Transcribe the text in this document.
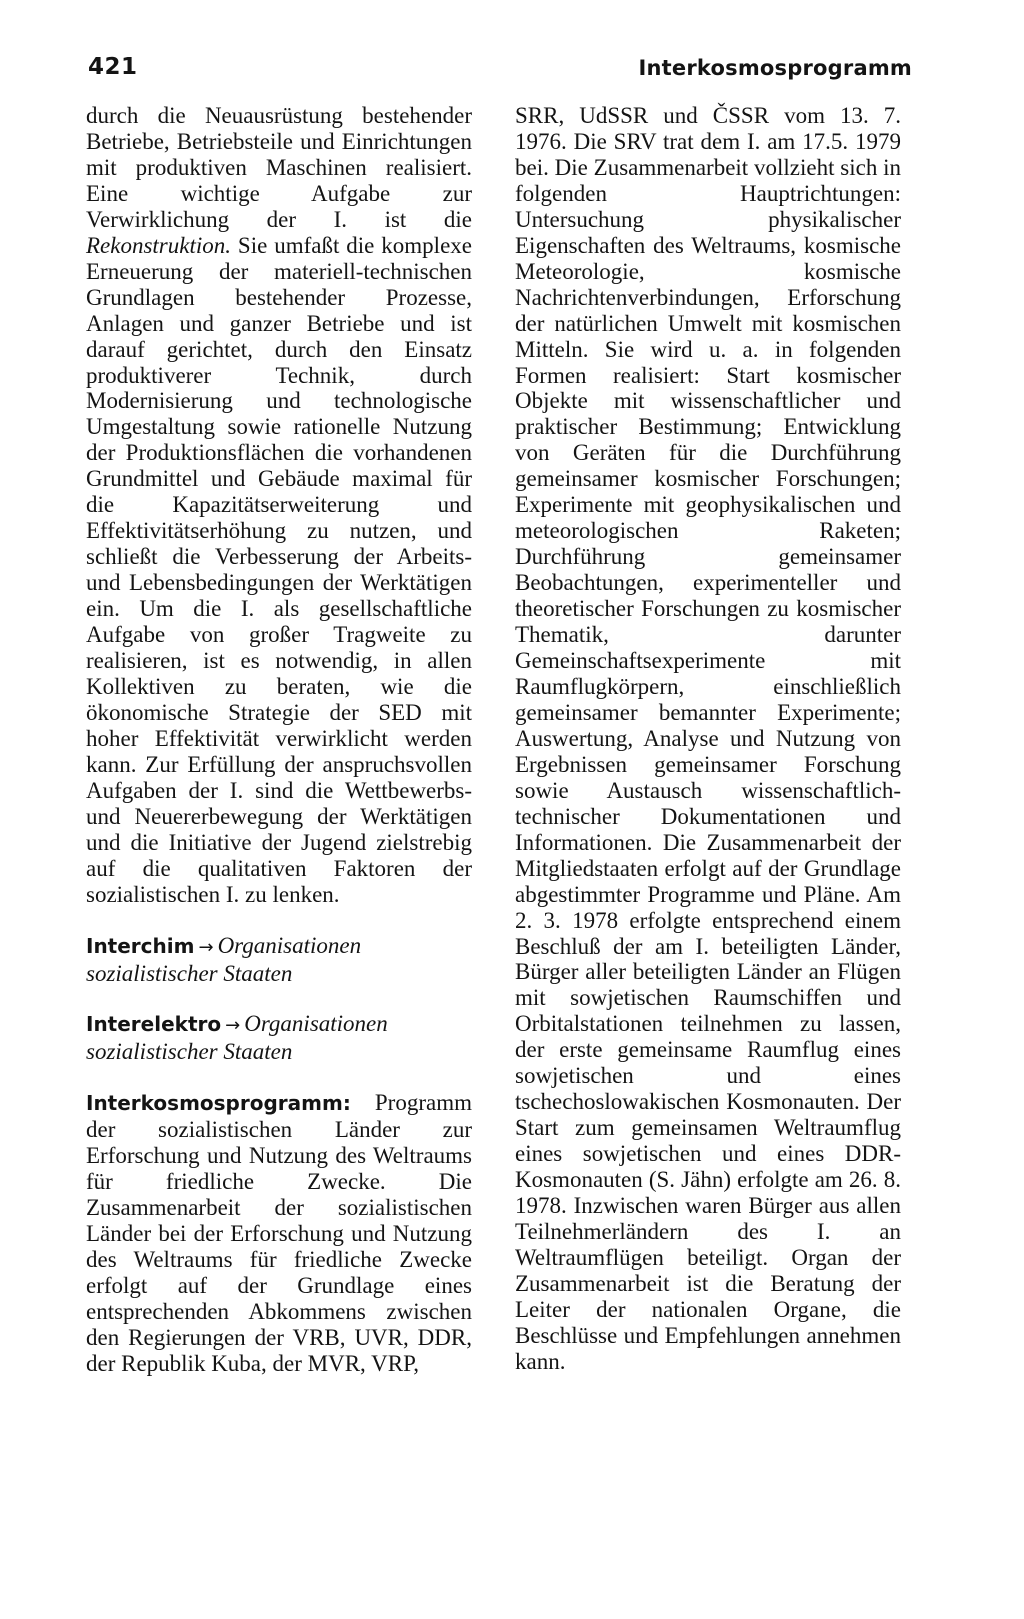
421	Interkosmosprogramm

durch die Neuausrüstung bestehender Betriebe, Betriebsteile und Einrichtungen mit produktiven Maschinen realisiert. Eine wichtige Aufgabe zur Verwirklichung der I. ist die Rekonstruktion. Sie umfaßt die komplexe Erneuerung der materiell-technischen Grundlagen bestehender Prozesse, Anlagen und ganzer Betriebe und ist darauf gerichtet, durch den Einsatz produktiverer Technik, durch Modernisierung und technologische Umgestaltung sowie rationelle Nutzung der Produktionsflächen die vorhandenen Grundmittel und Gebäude maximal für die Kapazitätserweiterung und Effektivitätserhöhung zu nutzen, und schließt die Verbesserung der Arbeits- und Lebensbedingungen der Werktätigen ein. Um die I. als gesellschaftliche Aufgabe von großer Tragweite zu realisieren, ist es notwendig, in allen Kollektiven zu beraten, wie die ökonomische Strategie der SED mit hoher Effektivität verwirklicht werden kann. Zur Erfüllung der anspruchsvollen Aufgaben der I. sind die Wettbewerbs- und Neuererbewegung der Werktätigen und die Initiative der Jugend zielstrebig auf die qualitativen Faktoren der sozialistischen I. zu lenken.

Interchim → Organisationen sozialistischer Staaten

Interelektro → Organisationen sozialistischer Staaten

Interkosmosprogramm: Programm der sozialistischen Länder zur Erforschung und Nutzung des Weltraums für friedliche Zwecke. Die Zusammenarbeit der sozialistischen Länder bei der Erforschung und Nutzung des Weltraums für friedliche Zwecke erfolgt auf der Grundlage eines entsprechenden Abkommens zwischen den Regierungen der VRB, UVR, DDR, der Republik Kuba, der MVR, VRP,

SRR, UdSSR und ČSSR vom 13. 7. 1976. Die SRV trat dem I. am 17.5. 1979 bei. Die Zusammenarbeit vollzieht sich in folgenden Hauptrichtungen: Untersuchung physikalischer Eigenschaften des Weltraums, kosmische Meteorologie, kosmische Nachrichtenverbindungen, Erforschung der natürlichen Umwelt mit kosmischen Mitteln. Sie wird u. a. in folgenden Formen realisiert: Start kosmischer Objekte mit wissenschaftlicher und praktischer Bestimmung; Entwicklung von Geräten für die Durchführung gemeinsamer kosmischer Forschungen; Experimente mit geophysikalischen und meteorologischen Raketen; Durchführung gemeinsamer Beobachtungen, experimenteller und theoretischer Forschungen zu kosmischer Thematik, darunter Gemeinschaftsexperimente mit Raumflugkörpern, einschließlich gemeinsamer bemannter Experimente; Auswertung, Analyse und Nutzung von Ergebnissen gemeinsamer Forschung sowie Austausch wissenschaftlich-technischer Dokumentationen und Informationen. Die Zusammenarbeit der Mitgliedstaaten erfolgt auf der Grundlage abgestimmter Programme und Pläne. Am 2. 3. 1978 erfolgte entsprechend einem Beschluß der am I. beteiligten Länder, Bürger aller beteiligten Länder an Flügen mit sowjetischen Raumschiffen und Orbitalstationen teilnehmen zu lassen, der erste gemeinsame Raumflug eines sowjetischen und eines tschechoslowakischen Kosmonauten. Der Start zum gemeinsamen Weltraumflug eines sowjetischen und eines DDR-Kosmonauten (S. Jähn) erfolgte am 26. 8. 1978. Inzwischen waren Bürger aus allen Teilnehmerländern des I. an Weltraumflügen beteiligt. Organ der Zusammenarbeit ist die Beratung der Leiter der nationalen Organe, die Beschlüsse und Empfehlungen annehmen kann.
